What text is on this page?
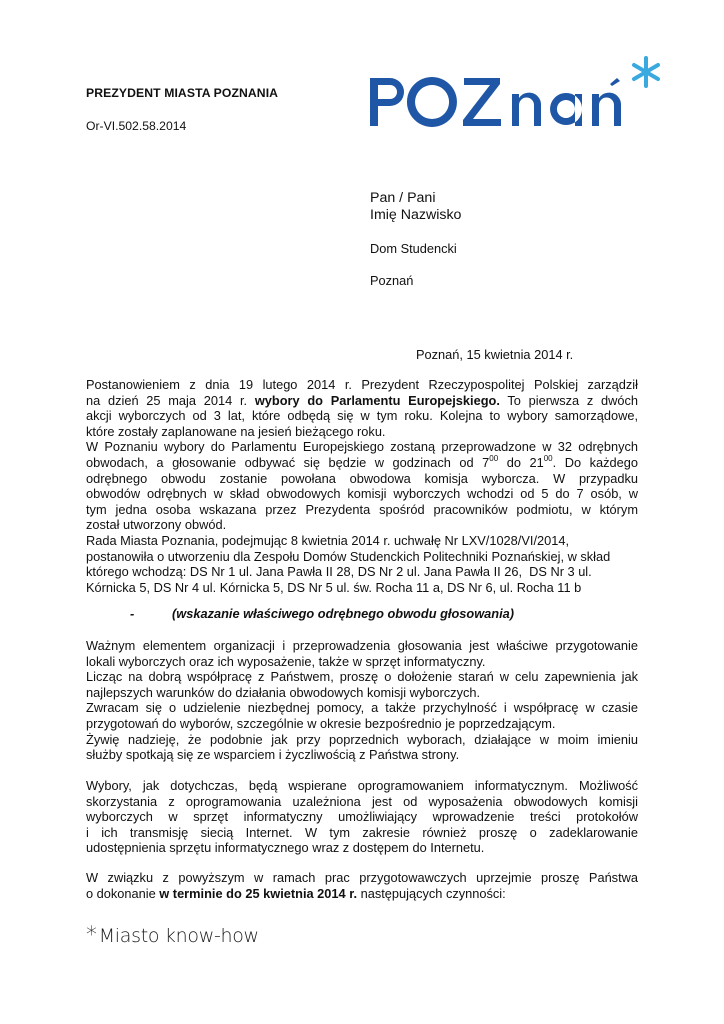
PREZYDENT MIASTA POZNANIA
Or-VI.502.58.2014
Pan / Pani
Imię Nazwisko
Dom Studencki
Poznań
Poznań, 15 kwietnia 2014 r.
Postanowieniem z dnia 19 lutego 2014 r. Prezydent Rzeczypospolitej Polskiej zarządził
na dzień 25 maja 2014 r. wybory do Parlamentu Europejskiego. To pierwsza z dwóch
akcji wyborczych od 3 lat, które odbędą się w tym roku. Kolejna to wybory samorządowe,
które zostały zaplanowane na jesień bieżącego roku.
W Poznaniu wybory do Parlamentu Europejskiego zostaną przeprowadzone w 32 odrębnych
obwodach, a głosowanie odbywać się będzie w godzinach od $7^{00}$ do $21^{00}$. Do każdego
odrębnego obwodu zostanie powołana obwodowa komisja wyborcza. W przypadku
obwodów odrębnych w skład obwodowych komisji wyborczych wchodzi od 5 do 7 osób, w
tym jedna osoba wskazana przez Prezydenta spośród pracowników podmiotu, w którym
został utworzony obwód.
Rada Miasta Poznania, podejmując 8 kwietnia 2014 r. uchwałę Nr LXV/1028/VI/2014,
postanowiła o utworzeniu dla Zespołu Domów Studenckich Politechniki Poznańskiej, w skład
którego wchodzą: DS Nr 1 ul. Jana Pawła II 28, DS Nr 2 ul. Jana Pawła II 26,  DS Nr 3 ul.
Kórnicka 5, DS Nr 4 ul. Kórnicka 5, DS Nr 5 ul. św. Rocha 11 a, DS Nr 6, ul. Rocha 11 b
-	(wskazanie właściwego odrębnego obwodu głosowania)
Ważnym elementem organizacji i przeprowadzenia głosowania jest właściwe przygotowanie
lokali wyborczych oraz ich wyposażenie, także w sprzęt informatyczny.
Licząc na dobrą współpracę z Państwem, proszę o dołożenie starań w celu zapewnienia jak
najlepszych warunków do działania obwodowych komisji wyborczych.
Zwracam się o udzielenie niezbędnej pomocy, a także przychylność i współpracę w czasie
przygotowań do wyborów, szczególnie w okresie bezpośrednio je poprzedzającym.
Żywię nadzieję, że podobnie jak przy poprzednich wyborach, działające w moim imieniu
służby spotkają się ze wsparciem i życzliwością z Państwa strony.
Wybory, jak dotychczas, będą wspierane oprogramowaniem informatycznym. Możliwość
skorzystania z oprogramowania uzależniona jest od wyposażenia obwodowych komisji
wyborczych w sprzęt informatyczny umożliwiający wprowadzenie treści protokołów
i ich transmisję siecią Internet. W tym zakresie również proszę o zadeklarowanie
udostępnienia sprzętu informatycznego wraz z dostępem do Internetu.
W związku z powyższym w ramach prac przygotowawczych uprzejmie proszę Państwa
o dokonanie w terminie do 25 kwietnia 2014 r. następujących czynności:
* Miasto know-how
